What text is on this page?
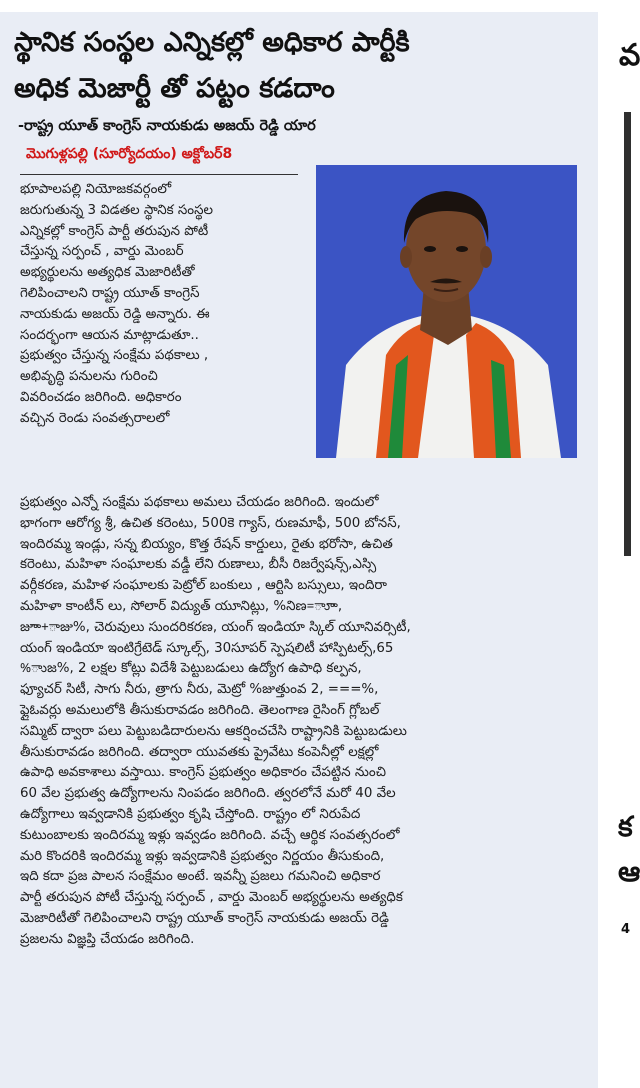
స్థానిక సంస్థల ఎన్నికల్లో అధికార పార్టీకి
అధిక మెజార్టీ తో పట్టం కడదాం
-రాష్ట్ర యూత్ కాంగ్రెస్ నాయకుడు అజయ్ రెడ్డి యార
మొగుళ్లపల్లి (సూర్యోదయం) అక్టోబర్8
భూపాలపల్లి నియోజకవర్గంలో
జరుగుతున్న 3 విడతల స్థానిక సంస్థల
ఎన్నికల్లో కాంగ్రెస్ పార్టీ తరుపున పోటీ
చేస్తున్న సర్పంచ్ , వార్డు మెంబర్
అభ్యర్థులను అత్యధిక మెజారిటీతో
గెలిపించాలని రాష్ట్ర యూత్ కాంగ్రెస్
నాయకుడు అజయ్ రెడ్డి అన్నారు. ఈ
సందర్భంగా ఆయన మాట్లాడుతూ..
ప్రభుత్వం చేస్తున్న సంక్షేమ పథకాలు ,
అభివృద్ధి పనులను గురించి
వివరించడం జరిగింది. అధికారం
వచ్చిన రెండు సంవత్సరాలలో
ప్రభుత్వం ఎన్నో సంక్షేమ పథకాలు అమలు చేయడం జరిగింది. ఇందులో
భాగంగా ఆరోగ్య శ్రీ, ఉచిత కరెంటు, 500కె గ్యాస్, రుణమాఫీ, 500 బోనస్,
ఇందిరమ్మ ఇండ్లు, సన్న బియ్యం, కొత్త రేషన్ కార్డులు, రైతు భరోసా, ఉచిత
కరెంటు, మహిళా సంఘాలకు వడ్డీ లేని రుణాలు, బీసీ రిజర్వేషన్స్,ఎస్సి
వర్గీకరణ, మహిళ సంఘాలకు పెట్రోల్ బంకులు , ఆర్టిసి బస్సులు, ఇందిరా
మహిళా కాంటీన్ లు, సోలార్ విద్యుత్ యూనిట్లు, %నిణ=ాూా,
జూా+ాజు%, చెరువులు సుందరికరణ, యంగ్ ఇండియా స్కిల్ యూనివర్సిటీ,
యంగ్ ఇండియా ఇంటిగ్రేటెడ్ స్కూల్స్, 30సూపర్ స్పెషలిటీ హాస్పిటల్స్,65
%ాుజ%, 2 లక్షల కోట్లు విదేశీ పెట్టుబడులు ఉద్యోగ ఉపాధి కల్పన,
ఫ్యూచర్ సిటీ, సాగు నీరు, త్రాగు నీరు, మెట్రో %జుత్తుంవ 2, ===%,
ఫ్లైఓవర్లు అమలులోకి తీసుకురావడం జరిగింది. తెలంగాణ రైసింగ్ గ్లోబల్
సమ్మిట్ ద్వారా పలు పెట్టుబడిదారులను ఆకర్షించచేసి రాష్ట్రానికి పెట్టుబడులు
తీసుకురావడం జరిగింది. తద్వారా యువతకు ప్రైవేటు కంపెనీల్లో లక్షల్లో
ఉపాధి అవకాశాలు వస్తాయి. కాంగ్రెస్ ప్రభుత్వం అధికారం చేపట్టిన నుంచి
60 వేల ప్రభుత్వ ఉద్యోగాలను నింపడం జరిగింది. త్వరలోనే మరో 40 వేల
ఉద్యోగాలు ఇవ్వడానికి ప్రభుత్వం కృషి చేస్తోంది. రాష్ట్రం లో నిరుపేద
కుటుంబాలకు ఇందిరమ్మ ఇళ్లు ఇవ్వడం జరిగింది. వచ్చే ఆర్థిక సంవత్సరంలో
మరి కొందరికి ఇందిరమ్మ ఇళ్లు ఇవ్వడానికి ప్రభుత్వం నిర్ణయం తీసుకుంది,
ఇది కదా ప్రజ పాలన సంక్షేమం అంటే. ఇవన్నీ ప్రజలు గమనించి అధికార
పార్టీ తరుపున పోటీ చేస్తున్న సర్పంచ్ , వార్డు మెంబర్ అభ్యర్థులను అత్యధిక
మెజారిటీతో గెలిపించాలని రాష్ట్ర యూత్ కాంగ్రెస్ నాయకుడు అజయ్ రెడ్డి
ప్రజలను విజ్ఞప్తి చేయడం జరిగింది.
వ
క
ఆ
4
